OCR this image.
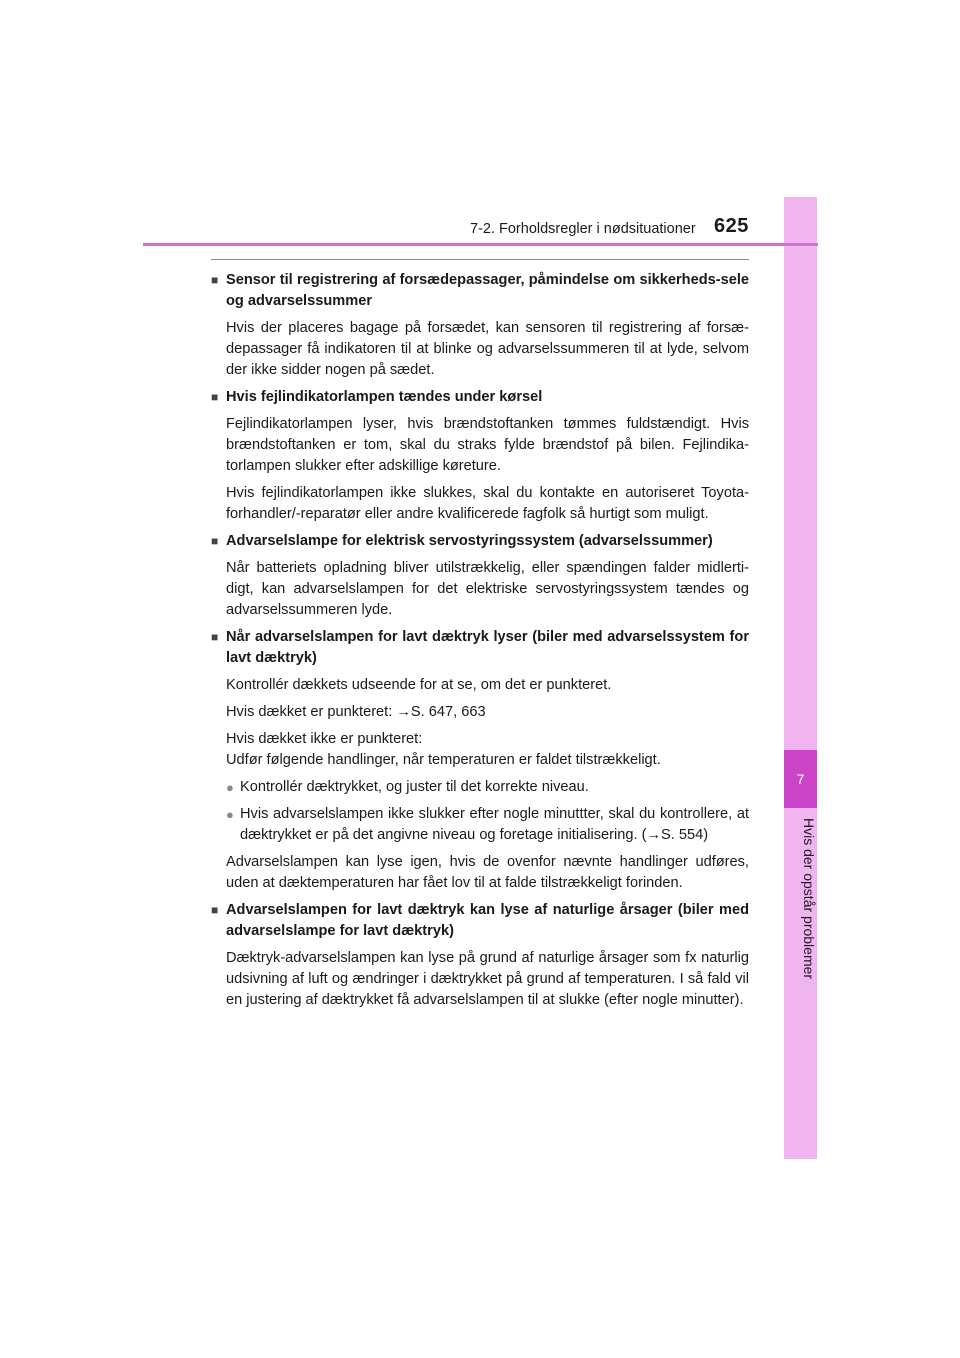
7
Hvis der opstår problemer
7-2. Forholdsregler i nødsituationer 625
■ Sensor til registrering af forsædepassager, påmindelse om sikkerheds-sele og advarselssummer
Hvis der placeres bagage på forsædet, kan sensoren til registrering af forsæ-depassager få indikatoren til at blinke og advarselssummeren til at lyde, selvom der ikke sidder nogen på sædet.
■ Hvis fejlindikatorlampen tændes under kørsel
Fejlindikatorlampen lyser, hvis brændstoftanken tømmes fuldstændigt. Hvis brændstoftanken er tom, skal du straks fylde brændstof på bilen. Fejlindika-torlampen slukker efter adskillige køreture.
Hvis fejlindikatorlampen ikke slukkes, skal du kontakte en autoriseret Toyota-forhandler/-reparatør eller andre kvalificerede fagfolk så hurtigt som muligt.
■ Advarselslampe for elektrisk servostyringssystem (advarselssummer)
Når batteriets opladning bliver utilstrækkelig, eller spændingen falder midlerti-digt, kan advarselslampen for det elektriske servostyringssystem tændes og advarselssummeren lyde.
■ Når advarselslampen for lavt dæktryk lyser (biler med advarselssystem for lavt dæktryk)
Kontrollér dækkets udseende for at se, om det er punkteret.
Hvis dækket er punkteret: →S. 647, 663
Hvis dækket ikke er punkteret:
Udfør følgende handlinger, når temperaturen er faldet tilstrækkeligt.
● Kontrollér dæktrykket, og juster til det korrekte niveau.
● Hvis advarselslampen ikke slukker efter nogle minuttter, skal du kontrollere, at dæktrykket er på det angivne niveau og foretage initialisering. (→S. 554)
Advarselslampen kan lyse igen, hvis de ovenfor nævnte handlinger udføres, uden at dæktemperaturen har fået lov til at falde tilstrækkeligt forinden.
■ Advarselslampen for lavt dæktryk kan lyse af naturlige årsager (biler med advarselslampe for lavt dæktryk)
Dæktryk-advarselslampen kan lyse på grund af naturlige årsager som fx naturlig udsivning af luft og ændringer i dæktrykket på grund af temperaturen. I så fald vil en justering af dæktrykket få advarselslampen til at slukke (efter nogle minutter).
